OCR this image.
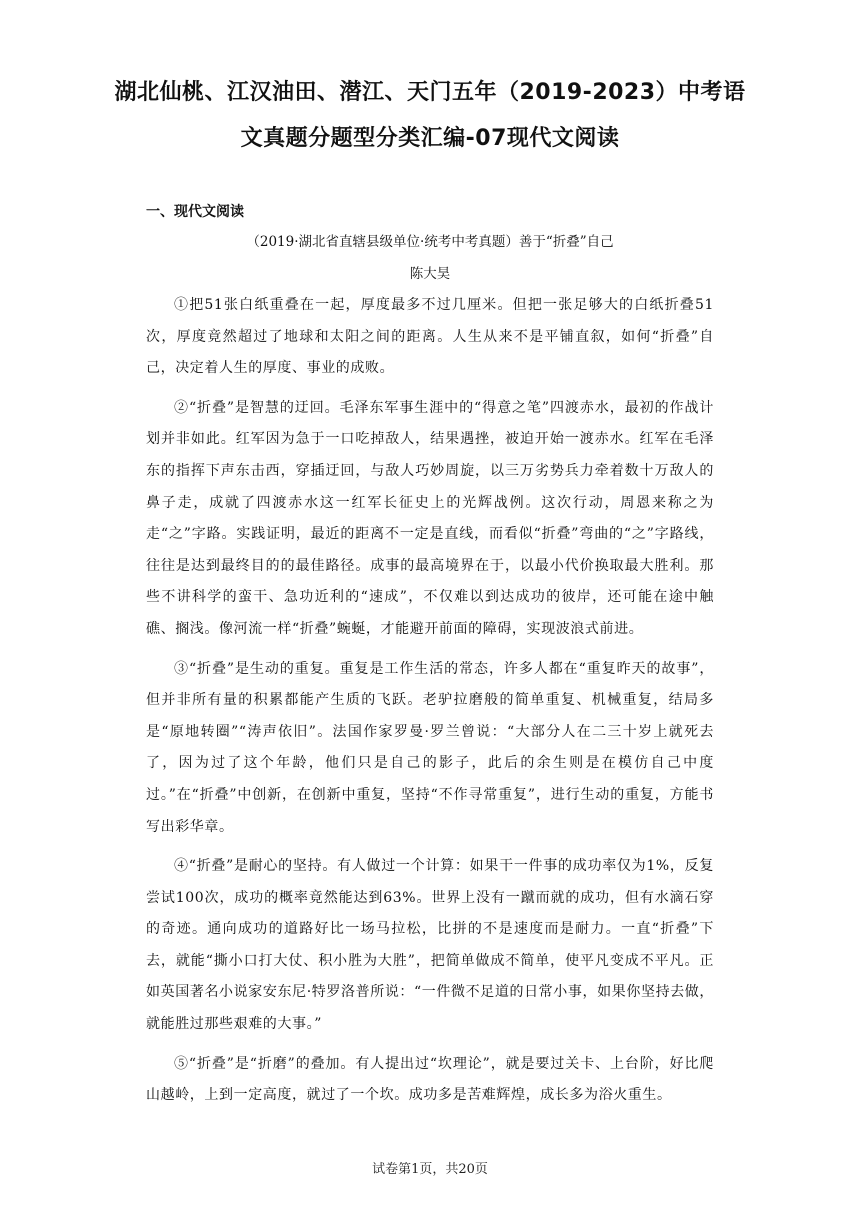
湖北仙桃、江汉油田、潜江、天门五年（2019-2023）中考语
文真题分题型分类汇编-07现代文阅读
一、现代文阅读

（2019·湖北省直辖县级单位·统考中考真题）善于“折叠”自己

陈大昊

①把51张白纸重叠在一起，厚度最多不过几厘米。但把一张足够大的白纸折叠51次，厚度竟然超过了地球和太阳之间的距离。人生从来不是平铺直叙，如何“折叠”自己，决定着人生的厚度、事业的成败。

②“折叠”是智慧的迂回。毛泽东军事生涯中的“得意之笔”四渡赤水，最初的作战计划并非如此。红军因为急于一口吃掉敌人，结果遇挫，被迫开始一渡赤水。红军在毛泽东的指挥下声东击西，穿插迂回，与敌人巧妙周旋，以三万劣势兵力牵着数十万敌人的鼻子走，成就了四渡赤水这一红军长征史上的光辉战例。这次行动，周恩来称之为走“之”字路。实践证明，最近的距离不一定是直线，而看似“折叠”弯曲的“之”字路线，往往是达到最终目的的最佳路径。成事的最高境界在于，以最小代价换取最大胜利。那些不讲科学的蛮干、急功近利的“速成”，不仅难以到达成功的彼岸，还可能在途中触礁、搁浅。像河流一样“折叠”蜿蜒，才能避开前面的障碍，实现波浪式前进。

③“折叠”是生动的重复。重复是工作生活的常态，许多人都在“重复昨天的故事”，但并非所有量的积累都能产生质的飞跃。老驴拉磨般的简单重复、机械重复，结局多是“原地转圈”“涛声依旧”。法国作家罗曼·罗兰曾说：“大部分人在二三十岁上就死去了，因为过了这个年龄，他们只是自己的影子，此后的余生则是在模仿自己中度过。”在“折叠”中创新，在创新中重复，坚持“不作寻常重复”，进行生动的重复，方能书写出彩华章。

④“折叠”是耐心的坚持。有人做过一个计算：如果干一件事的成功率仅为1%，反复尝试100次，成功的概率竟然能达到63%。世界上没有一蹴而就的成功，但有水滴石穿的奇迹。通向成功的道路好比一场马拉松，比拼的不是速度而是耐力。一直“折叠”下去，就能“撕小口打大仗、积小胜为大胜”，把简单做成不简单，使平凡变成不平凡。正如英国著名小说家安东尼·特罗洛普所说：“一件微不足道的日常小事，如果你坚持去做，就能胜过那些艰难的大事。”

⑤“折叠”是“折磨”的叠加。有人提出过“坎理论”，就是要过关卡、上台阶，好比爬山越岭，上到一定高度，就过了一个坎。成功多是苦难辉煌，成长多为浴火重生。

试卷第1页，共20页
